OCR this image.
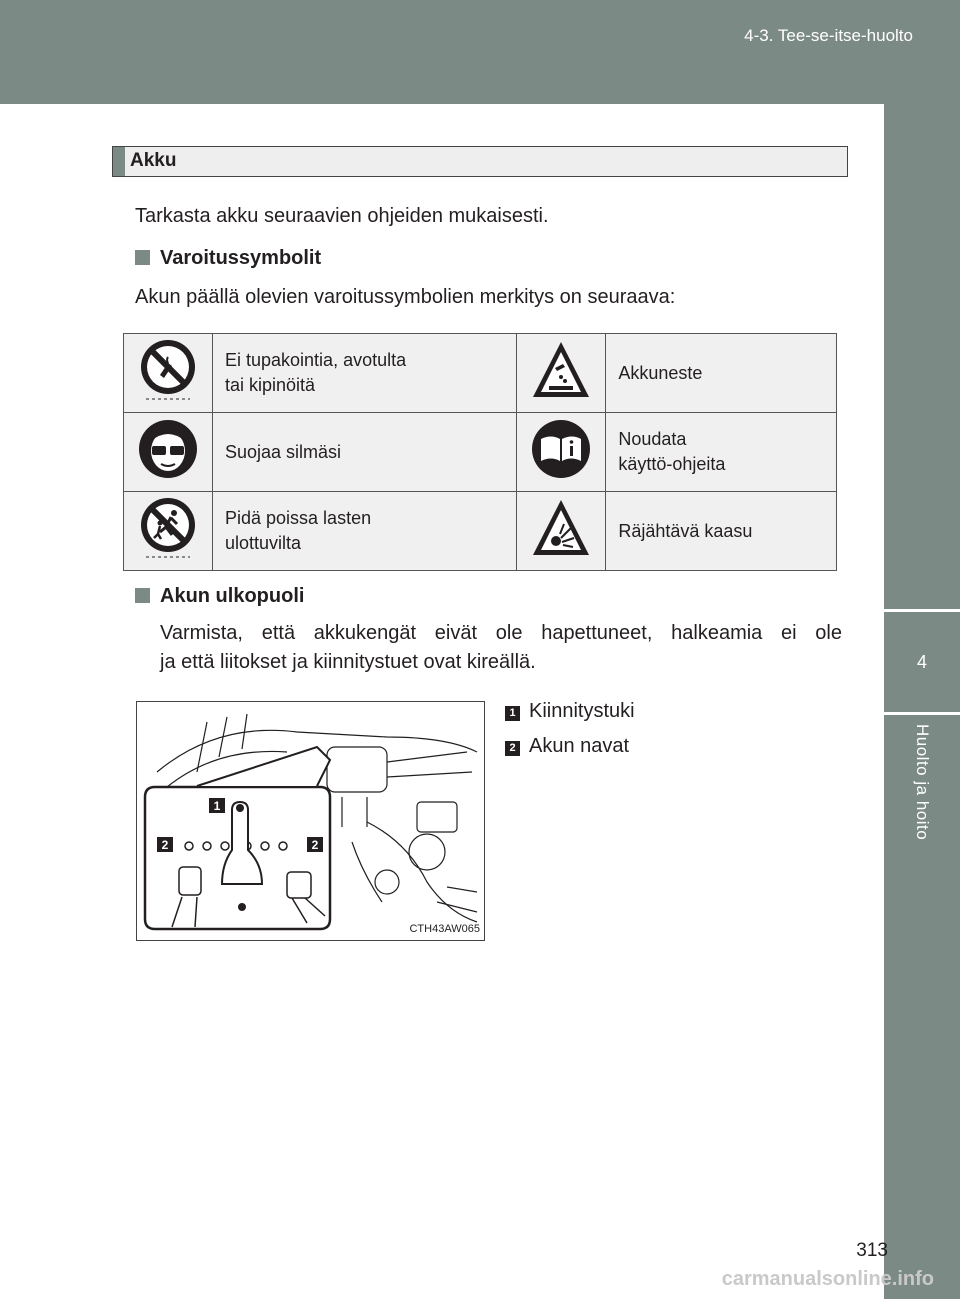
4-3. Tee-se-itse-huolto
4
Huolto ja hoito
Akku
Tarkasta akku seuraavien ohjeiden mukaisesti.
Varoitussymbolit
Akun päällä olevien varoitussymbolien merkitys on seuraava:
	Ei tupakointia, avotulta
tai kipinöitä		Akkuneste
	Suojaa silmäsi		Noudata
käyttö-ohjeita
	Pidä poissa lasten
ulottuvilta		Räjähtävä kaasu
Akun ulkopuoli
Varmista, että akkukengät eivät ole hapettuneet, halkeamia ei ole
ja että liitokset ja kiinnitystuet ovat kireällä.
1
2	2
CTH43AW065
1 Kiinnitystuki
2 Akun navat
313
carmanualsonline.info
